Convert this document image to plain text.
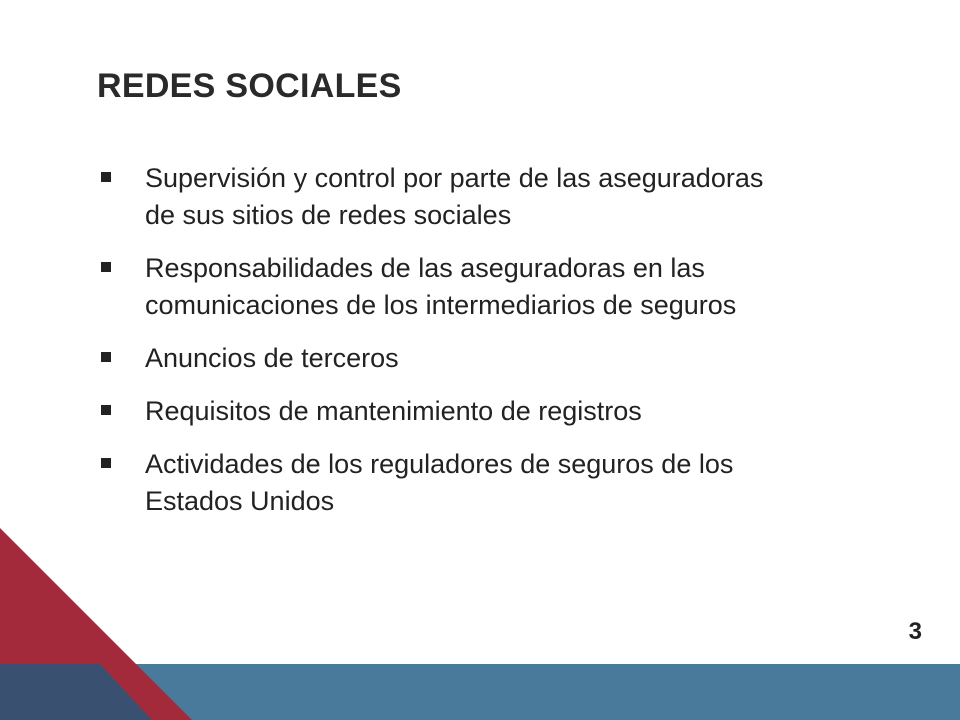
REDES SOCIALES
Supervisión y control por parte de las aseguradoras de sus sitios de redes sociales
Responsabilidades de las aseguradoras en las comunicaciones de los intermediarios de seguros
Anuncios de terceros
Requisitos de mantenimiento de registros
Actividades de los reguladores de seguros de los Estados Unidos
3
